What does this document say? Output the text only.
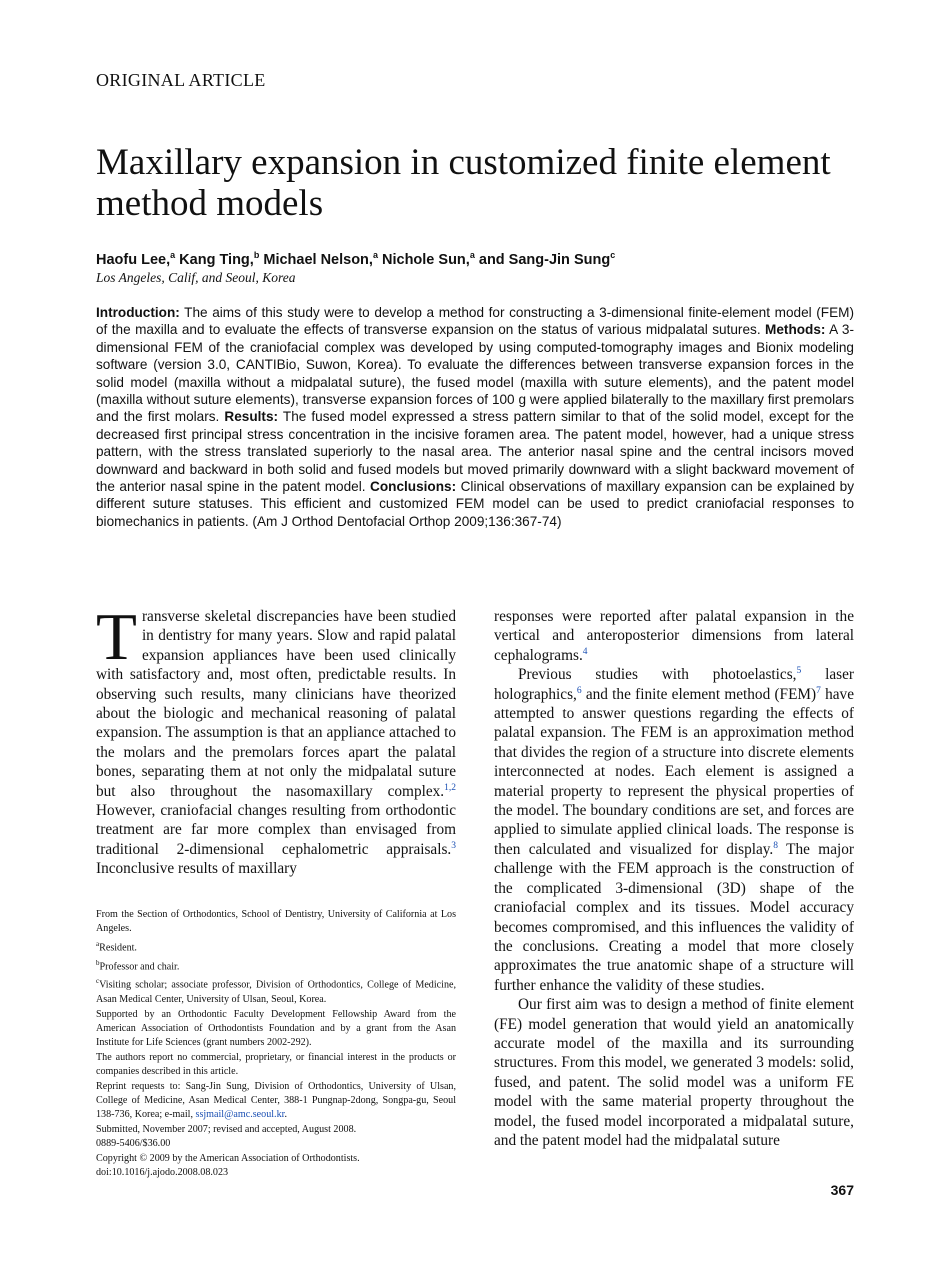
ORIGINAL ARTICLE
Maxillary expansion in customized finite element method models
Haofu Lee,$^a$ Kang Ting,$^b$ Michael Nelson,$^a$ Nichole Sun,$^a$ and Sang-Jin Sung$^c$
Los Angeles, Calif, and Seoul, Korea

Introduction: The aims of this study were to develop a method for constructing a 3-dimensional finite-element model (FEM) of the maxilla and to evaluate the effects of transverse expansion on the status of various midpalatal sutures. Methods: A 3-dimensional FEM of the craniofacial complex was developed by using computed-tomography images and Bionix modeling software (version 3.0, CANTIBio, Suwon, Korea). To evaluate the differences between transverse expansion forces in the solid model (maxilla without a midpalatal suture), the fused model (maxilla with suture elements), and the patent model (maxilla without suture elements), transverse expansion forces of 100 g were applied bilaterally to the maxillary first premolars and the first molars. Results: The fused model expressed a stress pattern similar to that of the solid model, except for the decreased first principal stress concentration in the incisive foramen area. The patent model, however, had a unique stress pattern, with the stress translated superiorly to the nasal area. The anterior nasal spine and the central incisors moved downward and backward in both solid and fused models but moved primarily downward with a slight backward movement of the anterior nasal spine in the patent model. Conclusions: Clinical observations of maxillary expansion can be explained by different suture statuses. This efficient and customized FEM model can be used to predict craniofacial responses to biomechanics in patients. (Am J Orthod Dentofacial Orthop 2009;136:367-74)

Transverse skeletal discrepancies have been studied in dentistry for many years. Slow and rapid palatal expansion appliances have been used clinically with satisfactory and, most often, predictable results. In observing such results, many clinicians have theorized about the biologic and mechanical reasoning of palatal expansion. The assumption is that an appliance attached to the molars and the premolars forces apart the palatal bones, separating them at not only the midpalatal suture but also throughout the nasomaxillary complex.$^{1,2}$ However, craniofacial changes resulting from orthodontic treatment are far more complex than envisaged from traditional 2-dimensional cephalometric appraisals.$^3$ Inconclusive results of maxillary

From the Section of Orthodontics, School of Dentistry, University of California at Los Angeles.
$^a$Resident.
$^b$Professor and chair.
$^c$Visiting scholar; associate professor, Division of Orthodontics, College of Medicine, Asan Medical Center, University of Ulsan, Seoul, Korea.
Supported by an Orthodontic Faculty Development Fellowship Award from the American Association of Orthodontists Foundation and by a grant from the Asan Institute for Life Sciences (grant numbers 2002-292).
The authors report no commercial, proprietary, or financial interest in the products or companies described in this article.
Reprint requests to: Sang-Jin Sung, Division of Orthodontics, University of Ulsan, College of Medicine, Asan Medical Center, 388-1 Pungnap-2dong, Songpa-gu, Seoul 138-736, Korea; e-mail, ssjmail@amc.seoul.kr.
Submitted, November 2007; revised and accepted, August 2008.
0889-5406/$36.00
Copyright © 2009 by the American Association of Orthodontists.
doi:10.1016/j.ajodo.2008.08.023

responses were reported after palatal expansion in the vertical and anteroposterior dimensions from lateral cephalograms.$^4$

Previous studies with photoelastics,$^5$ laser holographics,$^6$ and the finite element method (FEM)$^7$ have attempted to answer questions regarding the effects of palatal expansion. The FEM is an approximation method that divides the region of a structure into discrete elements interconnected at nodes. Each element is assigned a material property to represent the physical properties of the model. The boundary conditions are set, and forces are applied to simulate applied clinical loads. The response is then calculated and visualized for display.$^8$ The major challenge with the FEM approach is the construction of the complicated 3-dimensional (3D) shape of the craniofacial complex and its tissues. Model accuracy becomes compromised, and this influences the validity of the conclusions. Creating a model that more closely approximates the true anatomic shape of a structure will further enhance the validity of these studies.

Our first aim was to design a method of finite element (FE) model generation that would yield an anatomically accurate model of the maxilla and its surrounding structures. From this model, we generated 3 models: solid, fused, and patent. The solid model was a uniform FE model with the same material property throughout the model, the fused model incorporated a midpalatal suture, and the patent model had the midpalatal suture

367
